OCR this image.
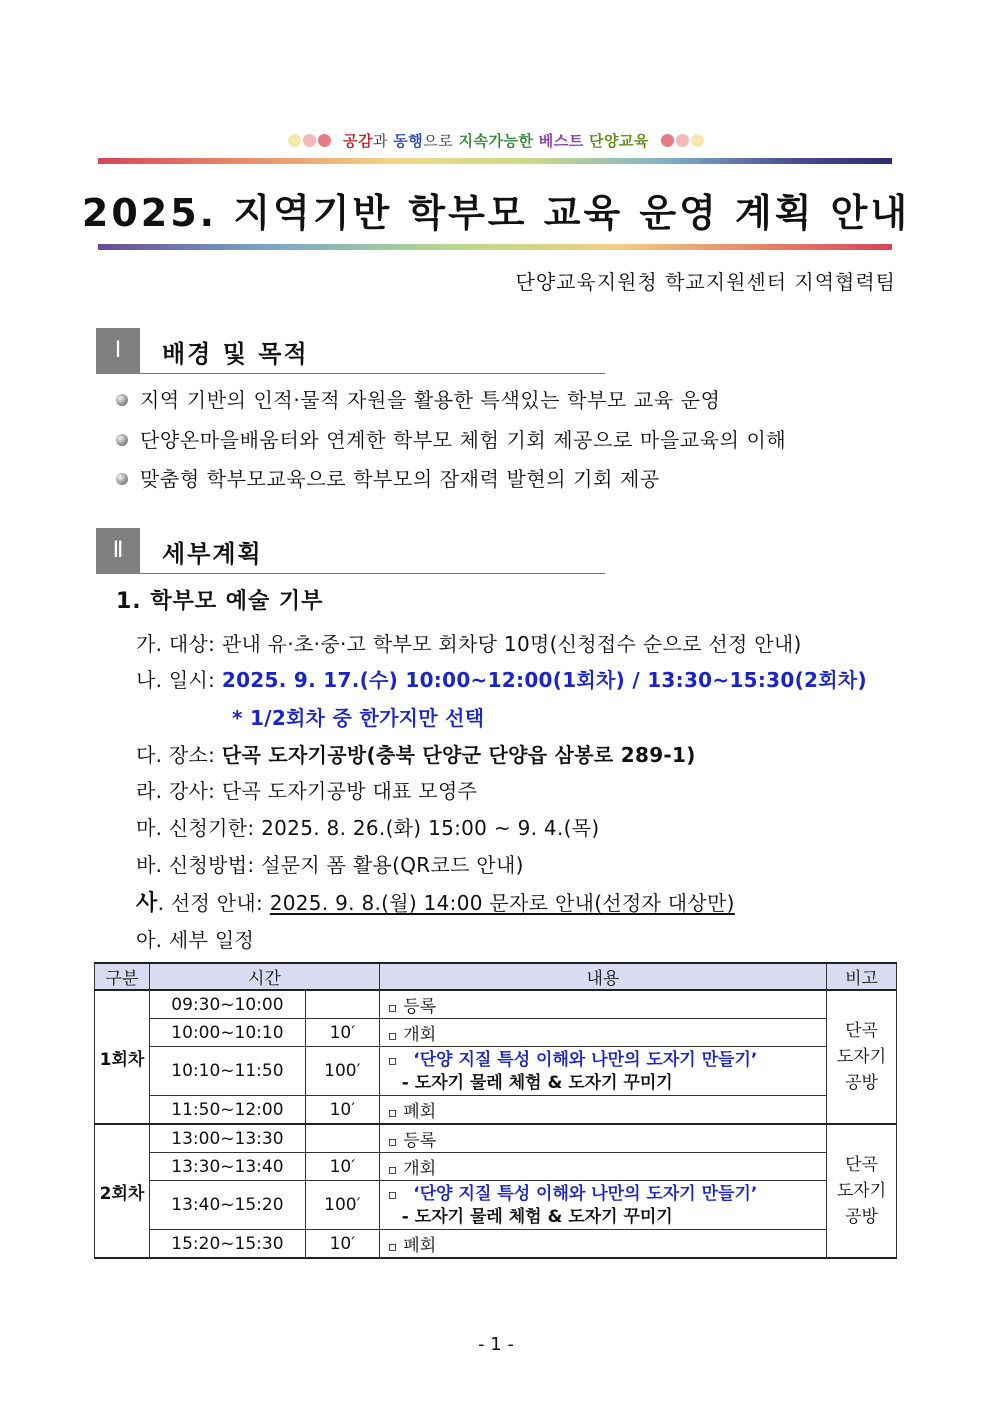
공감과 동행으로 지속가능한 베스트 단양교육
2025. 지역기반 학부모 교육 운영 계획 안내
단양교육지원청 학교지원센터 지역협력팀
Ⅰ	배경 및 목적
지역 기반의 인적·물적 자원을 활용한 특색있는 학부모 교육 운영
단양온마을배움터와 연계한 학부모 체험 기회 제공으로 마을교육의 이해
맞춤형 학부모교육으로 학부모의 잠재력 발현의 기회 제공
Ⅱ	세부계획
1. 학부모 예술 기부
가. 대상: 관내 유·초·중·고 학부모 회차당 10명(신청접수 순으로 선정 안내)
나. 일시: 2025. 9. 17.(수) 10:00~12:00(1회차) / 13:30~15:30(2회차)
* 1/2회차 중 한가지만 선택
다. 장소: 단곡 도자기공방(충북 단양군 단양읍 삼봉로 289-1)
라. 강사: 단곡 도자기공방 대표 모영주
마. 신청기한: 2025. 8. 26.(화) 15:00 ~ 9. 4.(목)
바. 신청방법: 설문지 폼 활용(QR코드 안내)
사. 선정 안내: 2025. 9. 8.(월) 14:00 문자로 안내(선정자 대상만)
아. 세부 일정
구분	시간		내용	비고
1회차	09:30~10:00		▫ 등록	단곡
도자기
공방
	10:00~10:10	10′	▫ 개회	
	10:10~11:50	100′	▫ ‘단양 지질 특성 이해와 나만의 도자기 만들기’
- 도자기 물레 체험 & 도자기 꾸미기	

	11:50~12:00	10′	▫ 폐회	
2회차	13:00~13:30		▫ 등록	단곡
도자기
공방
	13:30~13:40	10′	▫ 개회	
	13:40~15:20	100′	▫ ‘단양 지질 특성 이해와 나만의 도자기 만들기’
- 도자기 물레 체험 & 도자기 꾸미기	

	15:20~15:30	10′	▫ 폐회	
- 1 -
